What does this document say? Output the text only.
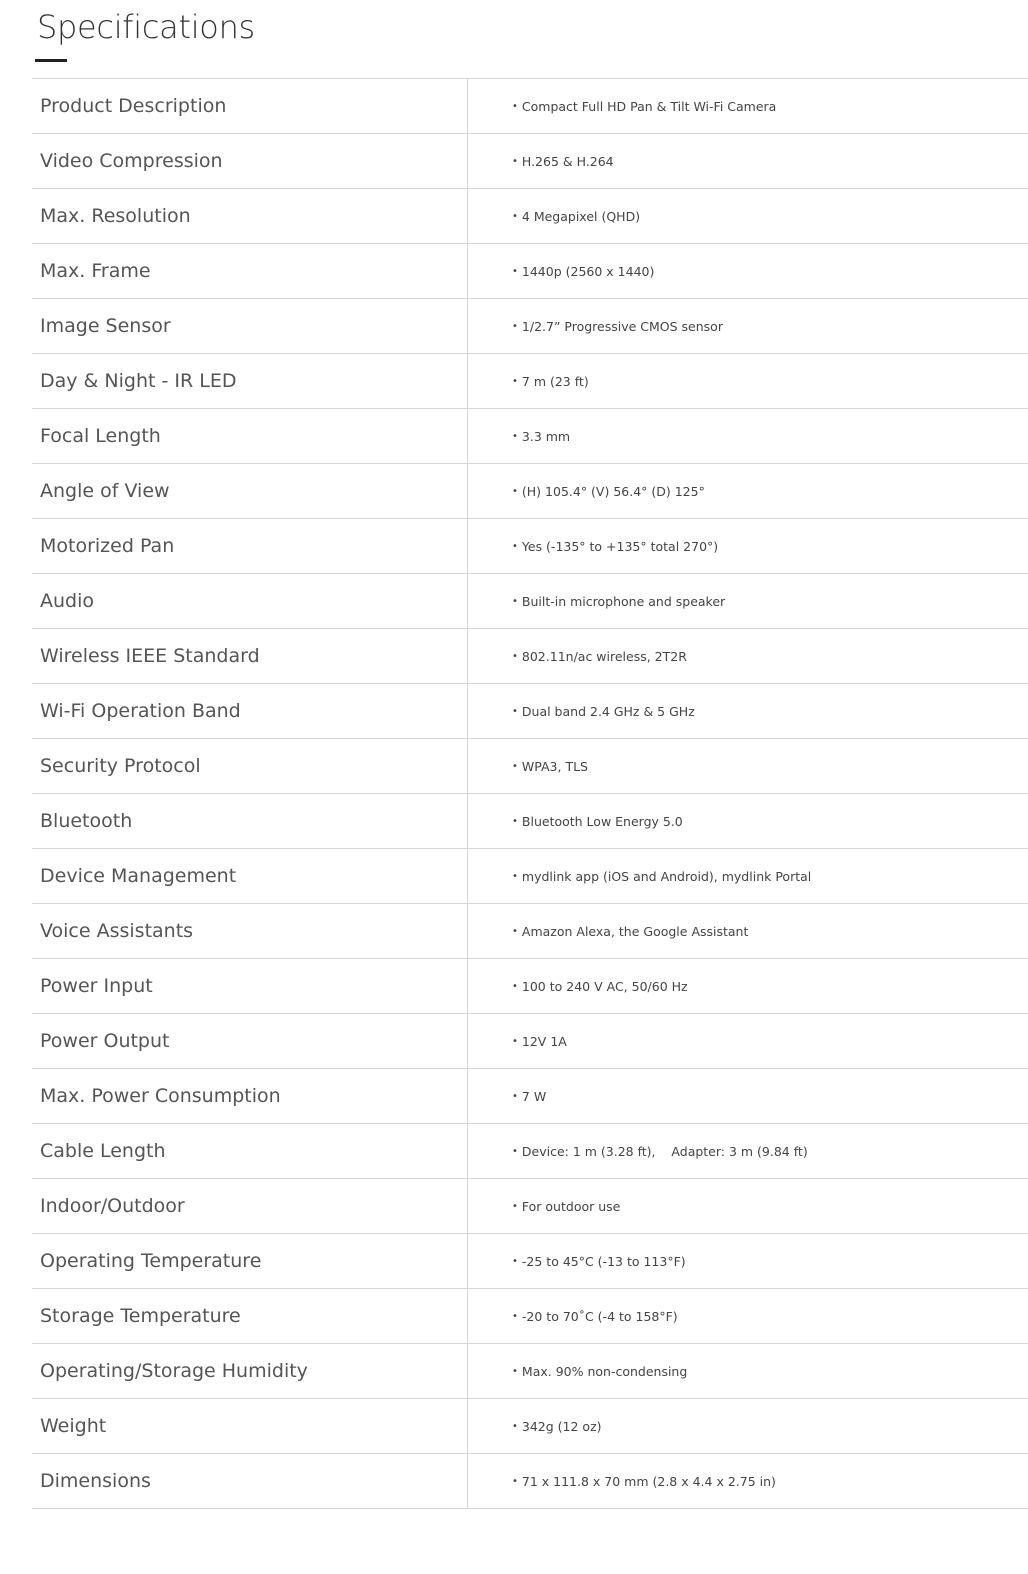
Specifications
Product Description	• Compact Full HD Pan & Tilt Wi-Fi Camera
Video Compression	• H.265 & H.264
Max. Resolution	• 4 Megapixel (QHD)
Max. Frame	• 1440p (2560 x 1440)
Image Sensor	• 1/2.7” Progressive CMOS sensor
Day & Night - IR LED	• 7 m (23 ft)
Focal Length	• 3.3 mm
Angle of View	• (H) 105.4° (V) 56.4° (D) 125°
Motorized Pan	• Yes (-135° to +135° total 270°)
Audio	• Built-in microphone and speaker
Wireless IEEE Standard	• 802.11n/ac wireless, 2T2R
Wi-Fi Operation Band	• Dual band 2.4 GHz & 5 GHz
Security Protocol	• WPA3, TLS
Bluetooth	• Bluetooth Low Energy 5.0
Device Management	• mydlink app (iOS and Android), mydlink Portal
Voice Assistants	• Amazon Alexa, the Google Assistant
Power Input	• 100 to 240 V AC, 50/60 Hz
Power Output	• 12V 1A
Max. Power Consumption	• 7 W
Cable Length	• Device: 1 m (3.28 ft),    Adapter: 3 m (9.84 ft)
Indoor/Outdoor	• For outdoor use
Operating Temperature	• -25 to 45°C (-13 to 113°F)
Storage Temperature	• -20 to 70˚C (-4 to 158°F)
Operating/Storage Humidity	• Max. 90% non-condensing
Weight	• 342g (12 oz)
Dimensions	• 71 x 111.8 x 70 mm (2.8 x 4.4 x 2.75 in)
